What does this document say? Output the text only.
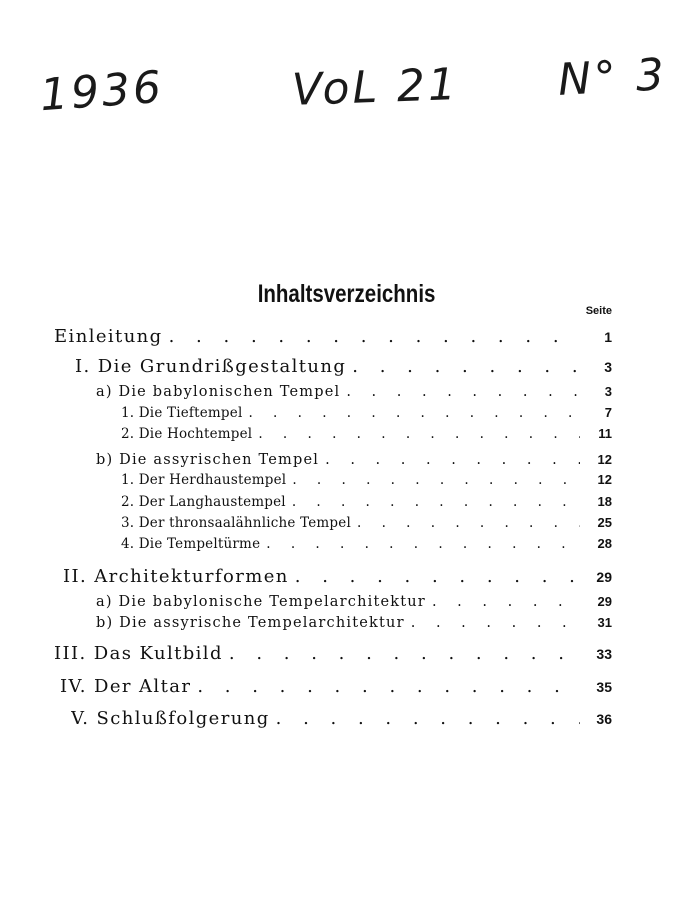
1936	VoL 21 N° 3
Inhaltsverzeichnis
Seite
Einleitung . . .	1
I. Die Grundrißgestaltung . . .	3
a) Die babylonischen Tempel . . .	3
1. Die Tieftempel . . .	7
2. Die Hochtempel . . .	11
b) Die assyrischen Tempel . . .	12
1. Der Herdhaustempel . . .	12
2. Der Langhaustempel . . .	18
3. Der thronsaalähnliche Tempel . . .	25
4. Die Tempeltürme . . .	28
II. Architekturformen . . .	29
a) Die babylonische Tempelarchitektur . . .	29
b) Die assyrische Tempelarchitektur . . .	31
III. Das Kultbild . . .	33
IV. Der Altar . . .	35
V. Schlußfolgerung . . .	36
